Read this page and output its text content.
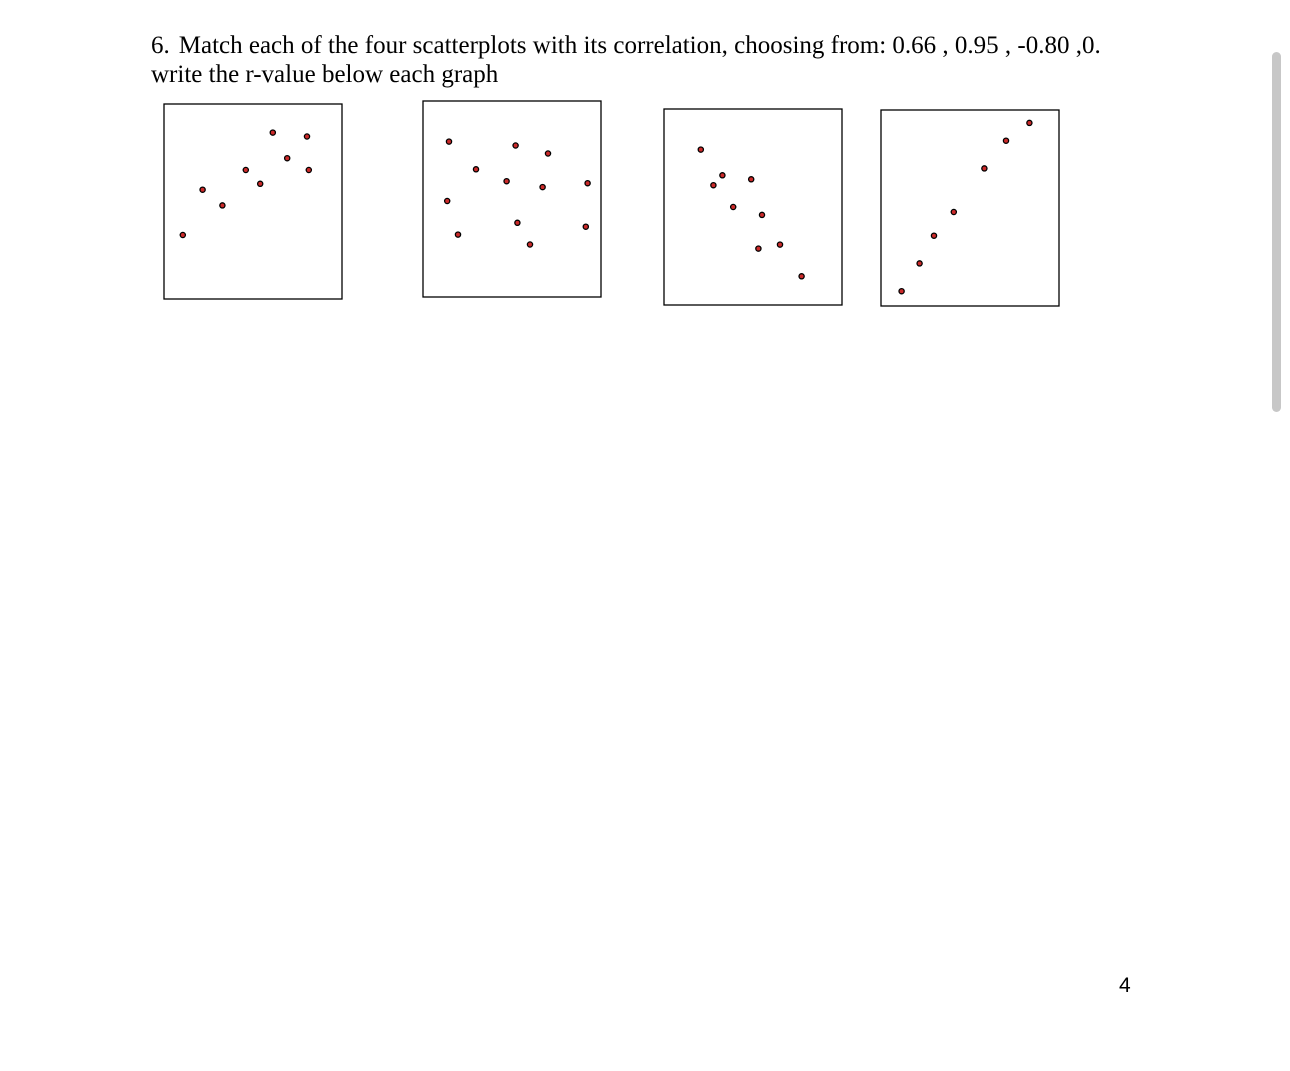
6. Match each of the four scatterplots with its correlation, choosing from: 0.66 , 0.95 , -0.80 ,0.
write the r-value below each graph
4
